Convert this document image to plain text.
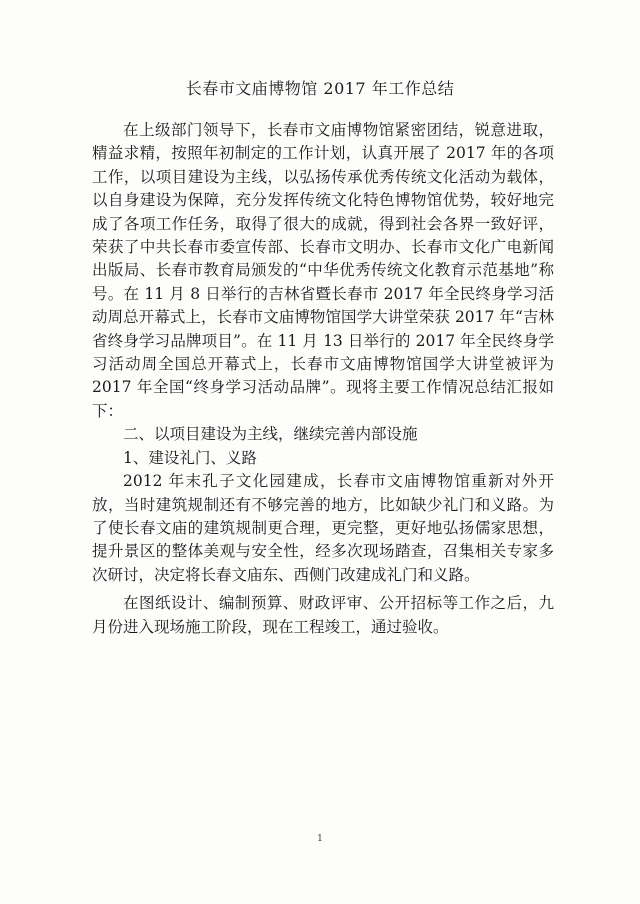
长春市文庙博物馆 2017 年工作总结

在上级部门领导下，长春市文庙博物馆紧密团结，锐意进取，精益求精，按照年初制定的工作计划，认真开展了 2017 年的各项工作，以项目建设为主线，以弘扬传承优秀传统文化活动为载体，以自身建设为保障，充分发挥传统文化特色博物馆优势，较好地完成了各项工作任务，取得了很大的成就，得到社会各界一致好评，荣获了中共长春市委宣传部、长春市文明办、长春市文化广电新闻出版局、长春市教育局颁发的“中华优秀传统文化教育示范基地”称号。在 11 月 8 日举行的吉林省暨长春市 2017 年全民终身学习活动周总开幕式上，长春市文庙博物馆国学大讲堂荣获 2017 年“吉林省终身学习品牌项目”。在 11 月 13 日举行的 2017 年全民终身学习活动周全国总开幕式上，长春市文庙博物馆国学大讲堂被评为 2017 年全国“终身学习活动品牌”。现将主要工作情况总结汇报如下：

二、以项目建设为主线，继续完善内部设施

1、建设礼门、义路

2012 年末孔子文化园建成，长春市文庙博物馆重新对外开放，当时建筑规制还有不够完善的地方，比如缺少礼门和义路。为了使长春文庙的建筑规制更合理，更完整，更好地弘扬儒家思想，提升景区的整体美观与安全性，经多次现场踏查，召集相关专家多次研讨，决定将长春文庙东、西侧门改建成礼门和义路。

在图纸设计、编制预算、财政评审、公开招标等工作之后，九月份进入现场施工阶段，现在工程竣工，通过验收。

1
